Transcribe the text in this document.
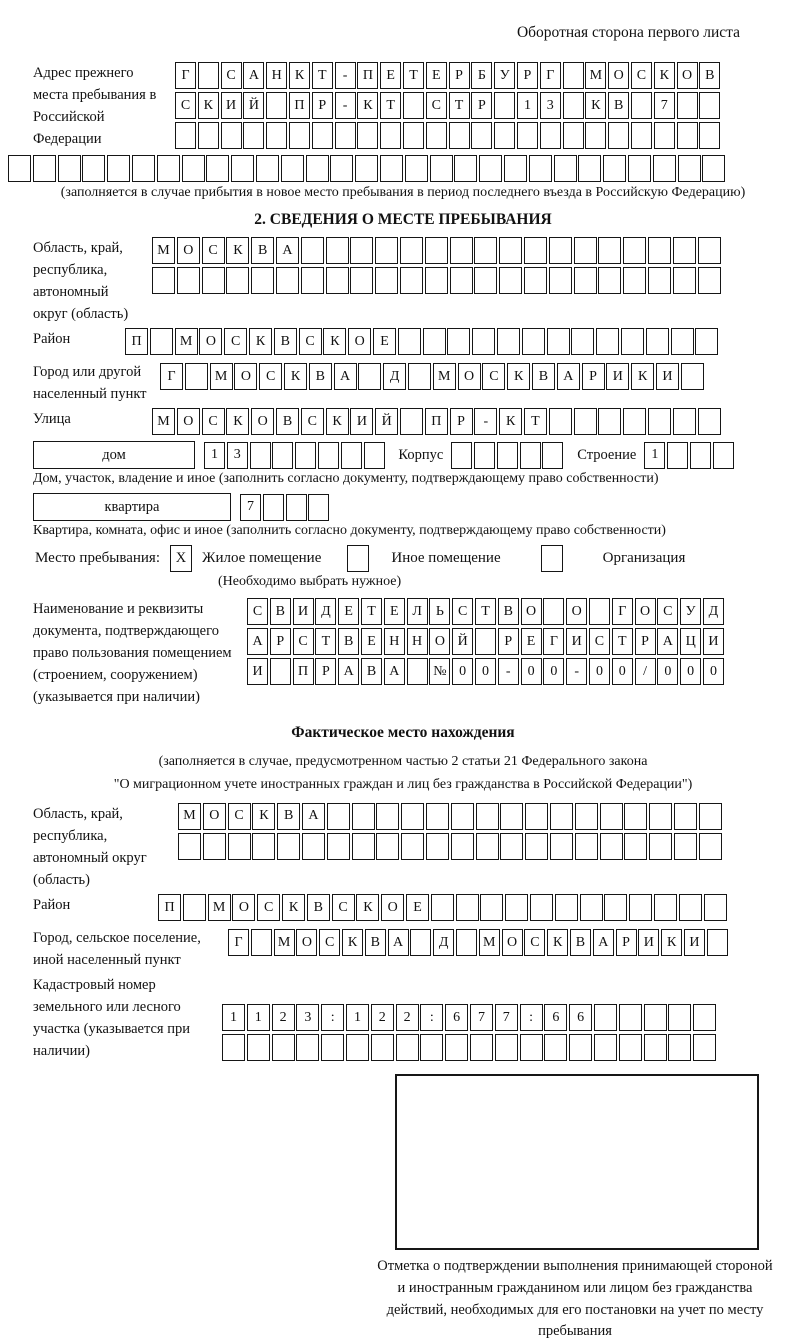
Оборотная сторона первого листа
Адрес прежнего места пребывания в Российской Федерации
Г	С А Н К Т	-	П Е	Т	Е	Р	Б У Р	Г	М О С К О В
С К И Й	П Р	-	К Т	С Т	Р	1	3	К В	7
(заполняется в случае прибытия в новое место пребывания в период последнего въезда в Российскую Федерацию)
2. СВЕДЕНИЯ О МЕСТЕ ПРЕБЫВАНИЯ
Область, край, республика, автономный округ (область)
М О	С	К	В	А
Район	П	М О	С	К	В	С	К	О	Е
Город или другой населенный пункт
Г	М О	С	К	В	А	Д	М О	С	К	В	А	Р	И	К	И
Улица	М О	С	К	О	В	С	К	И	Й	П	Р	-	К	Т
дом	1	3	Корпус	Строение	1
Дом, участок, владение и иное (заполнить согласно документу, подтверждающему право собственности)
квартира	7
Квартира, комната, офис и иное (заполнить согласно документу, подтверждающему право собственности)
Место пребывания:	X	Жилое помещение	Иное помещение	Организация
(Необходимо выбрать нужное)
Наименование и реквизиты документа, подтверждающего право пользования помещением (строением, сооружением) (указывается при наличии)
С В И Д Е	Т	Е Л	Ь	С Т В О	О	Г О С У Д
А Р	С Т В Е Н Н О Й	Р	Е	Г И С Т	Р А Ц И
И	П Р А В А	№ 0	0	-	0	0	-	0	0	/	0	0	0
Фактическое место нахождения
(заполняется в случае, предусмотренном частью 2 статьи 21 Федерального закона
"О миграционном учете иностранных граждан и лиц без гражданства в Российской Федерации")
Область, край, республика, автономный округ (область)
М О	С	К	В	А
Район	П	М О	С	К	В	С	К	О	Е
Город, сельское поселение, иной населенный пункт
Г	М О С К В А	Д	М О С К В А Р И К И
Кадастровый номер земельного или лесного участка (указывается при наличии)
1	1	2	3	:	1	2	2	:	6	7	7	:	6	6
Отметка о подтверждении выполнения принимающей стороной и иностранным гражданином или лицом без гражданства действий, необходимых для его постановки на учет по месту пребывания
